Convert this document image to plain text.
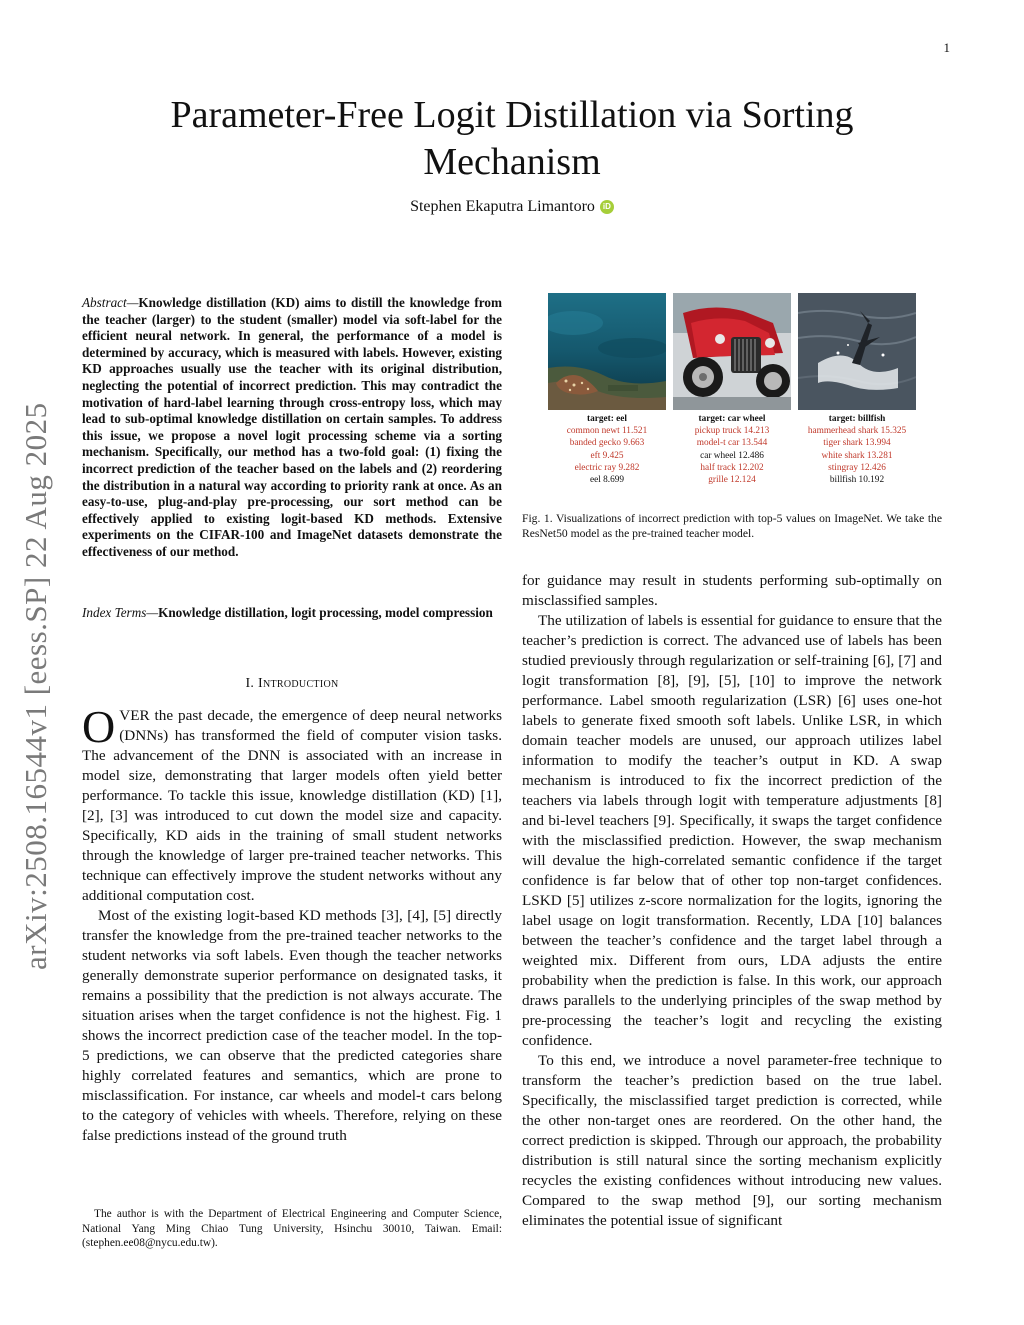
1
arXiv:2508.16544v1 [eess.SP] 22 Aug 2025
Parameter-Free Logit Distillation via Sorting Mechanism
Stephen Ekaputra Limantoro iD

Abstract—Knowledge distillation (KD) aims to distill the knowledge from the teacher (larger) to the student (smaller) model via soft-label for the efficient neural network. In general, the performance of a model is determined by accuracy, which is measured with labels. However, existing KD approaches usually use the teacher with its original distribution, neglecting the potential of incorrect prediction. This may contradict the motivation of hard-label learning through cross-entropy loss, which may lead to sub-optimal knowledge distillation on certain samples. To address this issue, we propose a novel logit processing scheme via a sorting mechanism. Specifically, our method has a two-fold goal: (1) fixing the incorrect prediction of the teacher based on the labels and (2) reordering the distribution in a natural way according to priority rank at once. As an easy-to-use, plug-and-play pre-processing, our sort method can be effectively applied to existing logit-based KD methods. Extensive experiments on the CIFAR-100 and ImageNet datasets demonstrate the effectiveness of our method.

Index Terms—Knowledge distillation, logit processing, model compression

I. Introduction

OVER the past decade, the emergence of deep neural networks (DNNs) has transformed the field of computer vision tasks. The advancement of the DNN is associated with an increase in model size, demonstrating that larger models often yield better performance. To tackle this issue, knowledge distillation (KD) [1], [2], [3] was introduced to cut down the model size and capacity. Specifically, KD aids in the training of small student networks through the knowledge of larger pre-trained teacher networks. This technique can effectively improve the student networks without any additional computation cost.

Most of the existing logit-based KD methods [3], [4], [5] directly transfer the knowledge from the pre-trained teacher networks to the student networks via soft labels. Even though the teacher networks generally demonstrate superior performance on designated tasks, it remains a possibility that the prediction is not always accurate. The situation arises when the target confidence is not the highest. Fig. 1 shows the incorrect prediction case of the teacher model. In the top-5 predictions, we can observe that the predicted categories share highly correlated features and semantics, which are prone to misclassification. For instance, car wheels and model-t cars belong to the category of vehicles with wheels. Therefore, relying on these false predictions instead of the ground truth

The author is with the Department of Electrical Engineering and Computer Science, National Yang Ming Chiao Tung University, Hsinchu 30010, Taiwan. Email: (stephen.ee08@nycu.edu.tw).

target: eel
common newt 11.521
banded gecko 9.663
eft 9.425
electric ray 9.282
eel 8.699
target: car wheel
pickup truck 14.213
model-t car 13.544
car wheel 12.486
half track 12.202
grille 12.124
target: billfish
hammerhead shark 15.325
tiger shark 13.994
white shark 13.281
stingray 12.426
billfish 10.192
Fig. 1. Visualizations of incorrect prediction with top-5 values on ImageNet. We take the ResNet50 model as the pre-trained teacher model.

for guidance may result in students performing sub-optimally on misclassified samples.

The utilization of labels is essential for guidance to ensure that the teacher’s prediction is correct. The advanced use of labels has been studied previously through regularization or self-training [6], [7] and logit transformation [8], [9], [5], [10] to improve the network performance. Label smooth regularization (LSR) [6] uses one-hot labels to generate fixed smooth soft labels. Unlike LSR, in which domain teacher models are unused, our approach utilizes label information to modify the teacher’s output in KD. A swap mechanism is introduced to fix the incorrect prediction of the teachers via labels through logit with temperature adjustments [8] and bi-level teachers [9]. Specifically, it swaps the target confidence with the misclassified prediction. However, the swap mechanism will devalue the high-correlated semantic confidence if the target confidence is far below that of other top non-target confidences. LSKD [5] utilizes z-score normalization for the logits, ignoring the label usage on logit transformation. Recently, LDA [10] balances between the teacher’s confidence and the target label through a weighted mix. Different from ours, LDA adjusts the entire probability when the prediction is false. In this work, our approach draws parallels to the underlying principles of the swap method by pre-processing the teacher’s logit and recycling the existing confidence.

To this end, we introduce a novel parameter-free technique to transform the teacher’s prediction based on the true label. Specifically, the misclassified target prediction is corrected, while the other non-target ones are reordered. On the other hand, the correct prediction is skipped. Through our approach, the probability distribution is still natural since the sorting mechanism explicitly recycles the existing confidences without introducing new values. Compared to the swap method [9], our sorting mechanism eliminates the potential issue of significant
